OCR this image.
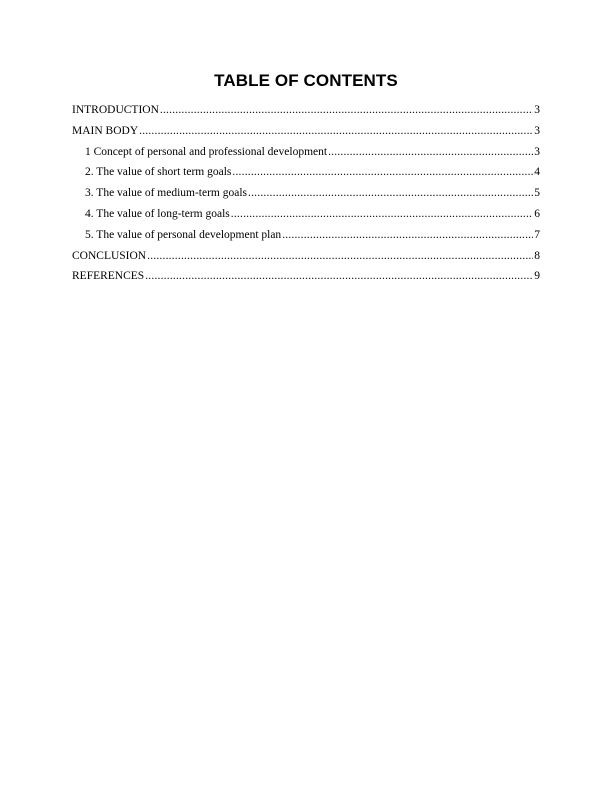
TABLE OF CONTENTS
INTRODUCTION .....	3
MAIN BODY .....	3
1 Concept of personal and professional development .....	3
2. The value of short term goals .....	4
3. The value of medium-term goals .....	5
4. The value of long-term goals .....	6
5. The value of personal development plan .....	7
CONCLUSION .....	8
REFERENCES .....	9
